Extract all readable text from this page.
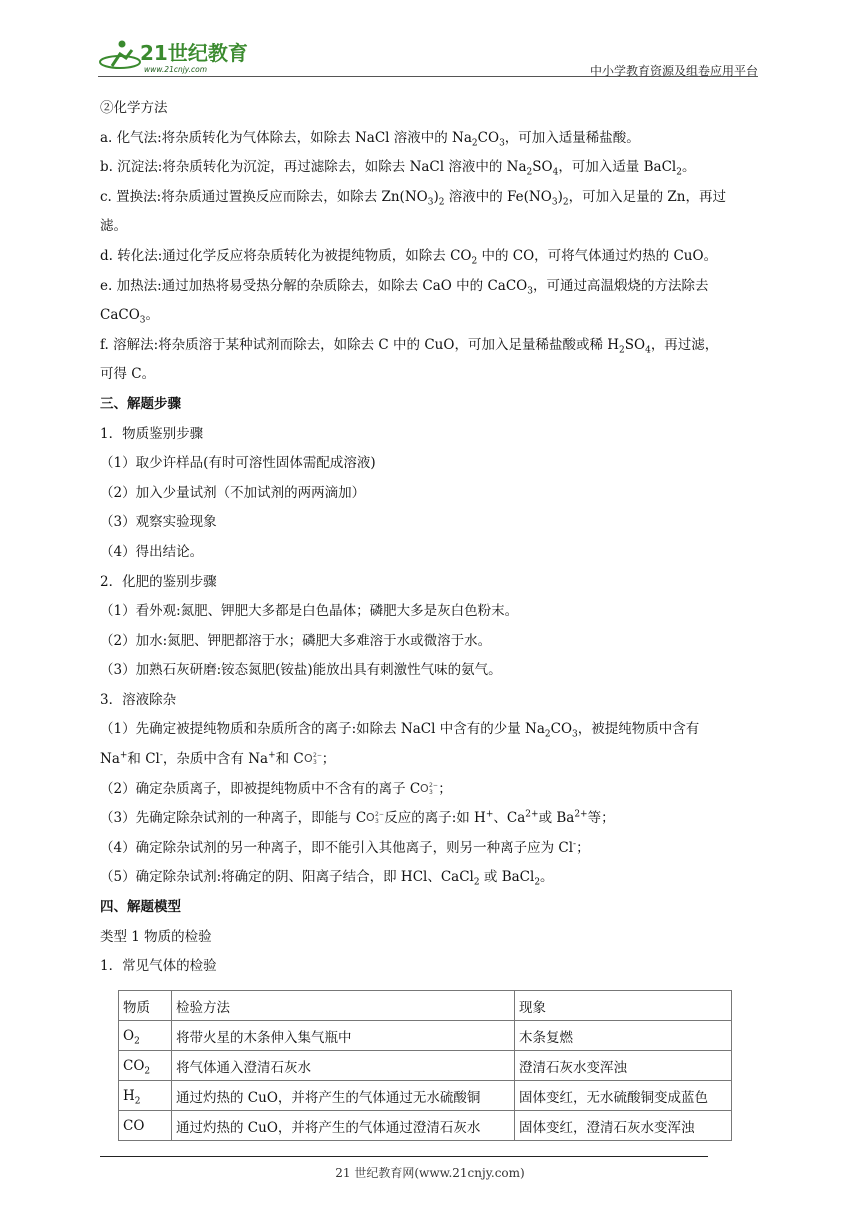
21世纪教育
www.21cnjy.com	中小学教育资源及组卷应用平台

②化学方法

a. 化气法:将杂质转化为气体除去，如除去 NaCl 溶液中的 $Na_2CO_3$，可加入适量稀盐酸。

b. 沉淀法:将杂质转化为沉淀，再过滤除去，如除去 NaCl 溶液中的 $Na_2SO_4$，可加入适量 BaCl$_2$。

c. 置换法:将杂质通过置换反应而除去，如除去 $Zn(NO_3)_2$ 溶液中的 $Fe(NO_3)_2$，可加入足量的 Zn，再过

滤。

d. 转化法:通过化学反应将杂质转化为被提纯物质，如除去 $CO_2$ 中的 CO，可将气体通过灼热的 CuO。

e. 加热法:通过加热将易受热分解的杂质除去，如除去 CaO 中的 CaCO$_3$，可通过高温煅烧的方法除去

CaCO$_3$。

f. 溶解法:将杂质溶于某种试剂而除去，如除去 C 中的 CuO，可加入足量稀盐酸或稀 $H_2SO_4$，再过滤，

可得 C。

三、解题步骤

1．物质鉴别步骤

（1）取少许样品(有时可溶性固体需配成溶液)

（2）加入少量试剂（不加试剂的两两滴加）

（3）观察实验现象

（4）得出结论。

2．化肥的鉴别步骤

（1）看外观:氮肥、钾肥大多都是白色晶体；磷肥大多是灰白色粉末。

（2）加水:氮肥、钾肥都溶于水；磷肥大多难溶于水或微溶于水。

（3）加熟石灰研磨:铵态氮肥(铵盐)能放出具有刺激性气味的氨气。

3．溶液除杂

（1）先确定被提纯物质和杂质所含的离子:如除去 NaCl 中含有的少量 $Na_2CO_3$，被提纯物质中含有

Na+和 Cl-，杂质中含有 Na+和 C O 2−
3 ；

（2）确定杂质离子，即被提纯物质中不含有的离子 C O 2−
3 ；

（3）先确定除杂试剂的一种离子，即能与 C O 2−
3 反应的离子:如 H+、$Ca^{2+}$或 $Ba^{2+}$等；

（4）确定除杂试剂的另一种离子，即不能引入其他离子，则另一种离子应为 Cl-；

（5）确定除杂试剂:将确定的阴、阳离子结合，即 HCl、CaCl$_2$ 或 BaCl$_2$。

四、解题模型

类型 1 物质的检验

1．常见气体的检验

物质	检验方法	现象
$O_2$	将带火星的木条伸入集气瓶中	木条复燃
$CO_2$	将气体通入澄清石灰水	澄清石灰水变浑浊
$H_2$	通过灼热的 CuO，并将产生的气体通过无水硫酸铜	固体变红，无水硫酸铜变成蓝色
CO	通过灼热的 CuO，并将产生的气体通过澄清石灰水	固体变红，澄清石灰水变浑浊
21 世纪教育网(www.21cnjy.com)
